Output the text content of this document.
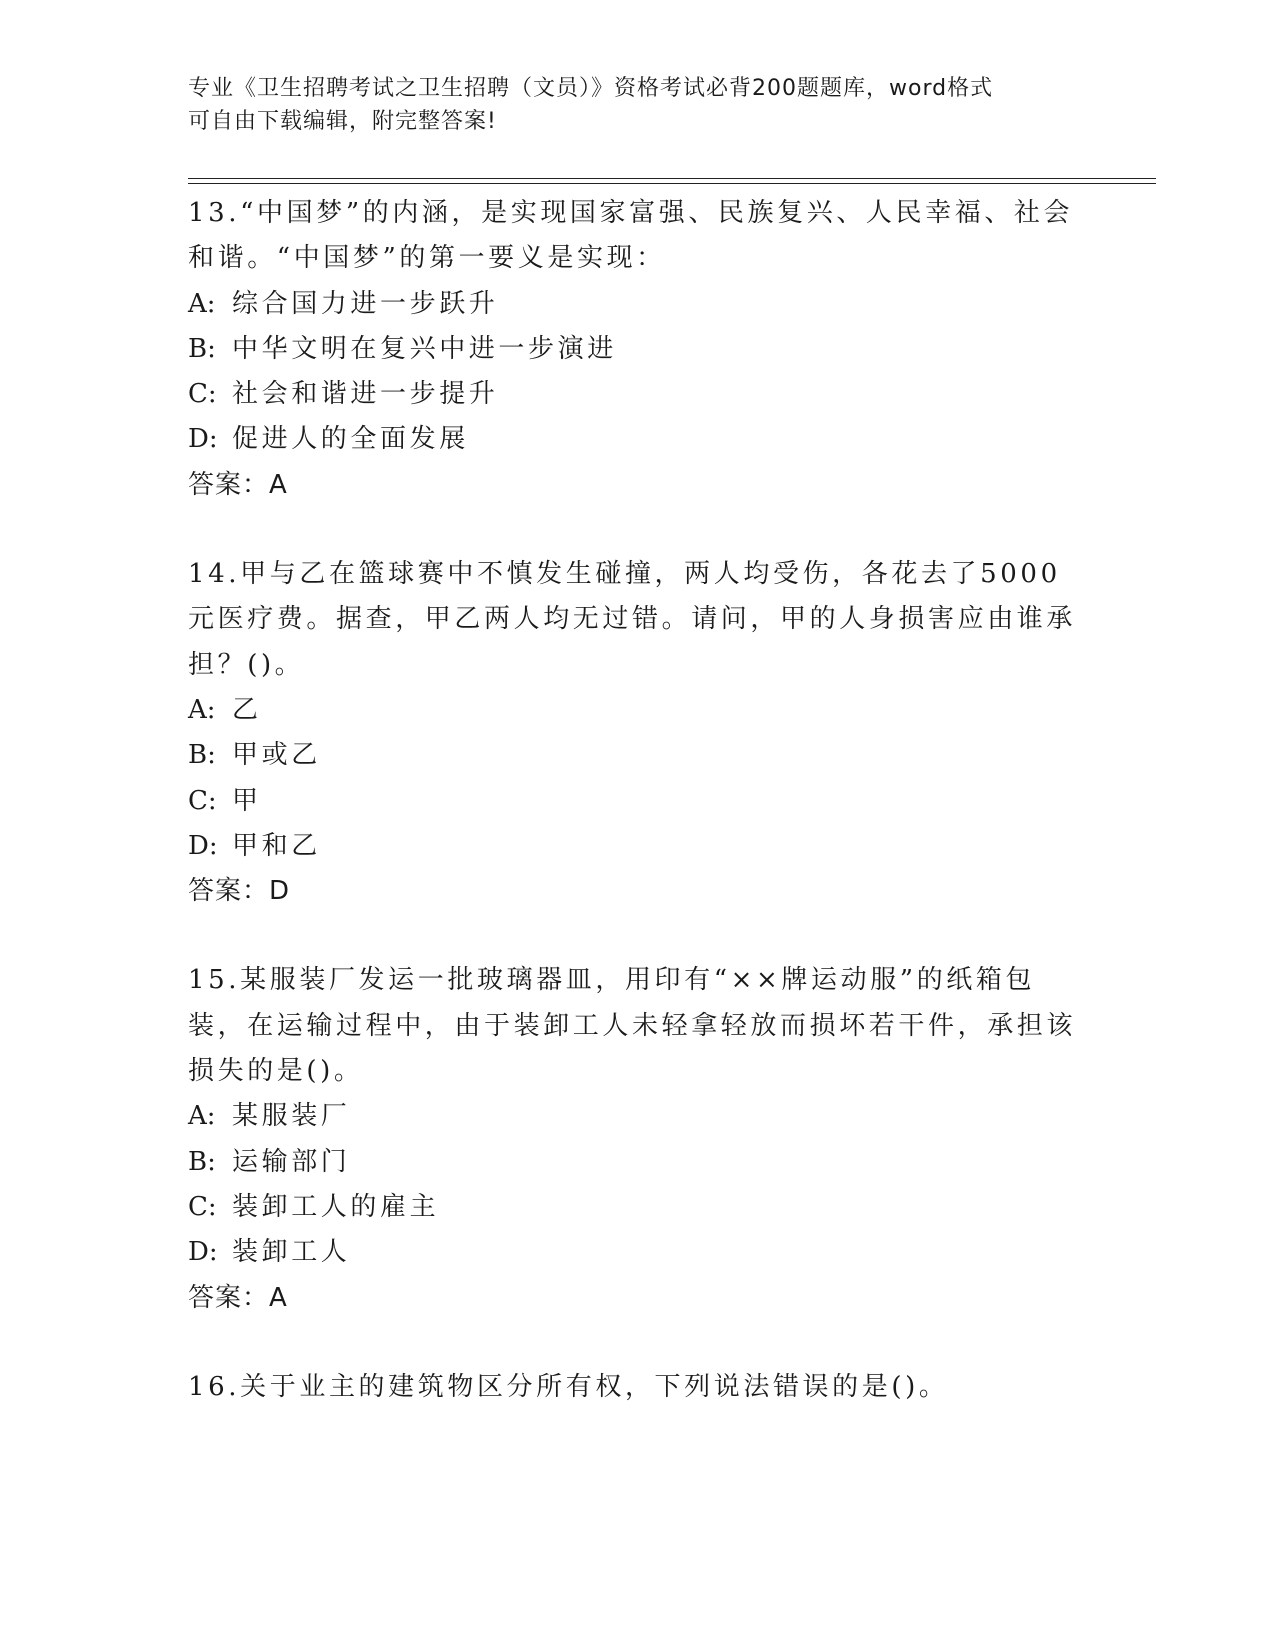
专业《卫生招聘考试之卫生招聘（文员）》资格考试必背200题题库，word格式
可自由下载编辑，附完整答案!
13.“中国梦”的内涵，是实现国家富强、民族复兴、人民幸福、社会和谐。“中国梦”的第一要义是实现：
A: 综合国力进一步跃升
B: 中华文明在复兴中进一步演进
C: 社会和谐进一步提升
D: 促进人的全面发展
答案：A
14.甲与乙在篮球赛中不慎发生碰撞，两人均受伤，各花去了5000元医疗费。据查，甲乙两人均无过错。请问，甲的人身损害应由谁承担？()。
A: 乙
B: 甲或乙
C: 甲
D: 甲和乙
答案：D
15.某服装厂发运一批玻璃器皿，用印有“××牌运动服”的纸箱包装，在运输过程中，由于装卸工人未轻拿轻放而损坏若干件，承担该损失的是()。
A: 某服装厂
B: 运输部门
C: 装卸工人的雇主
D: 装卸工人
答案：A
16.关于业主的建筑物区分所有权，下列说法错误的是()。
